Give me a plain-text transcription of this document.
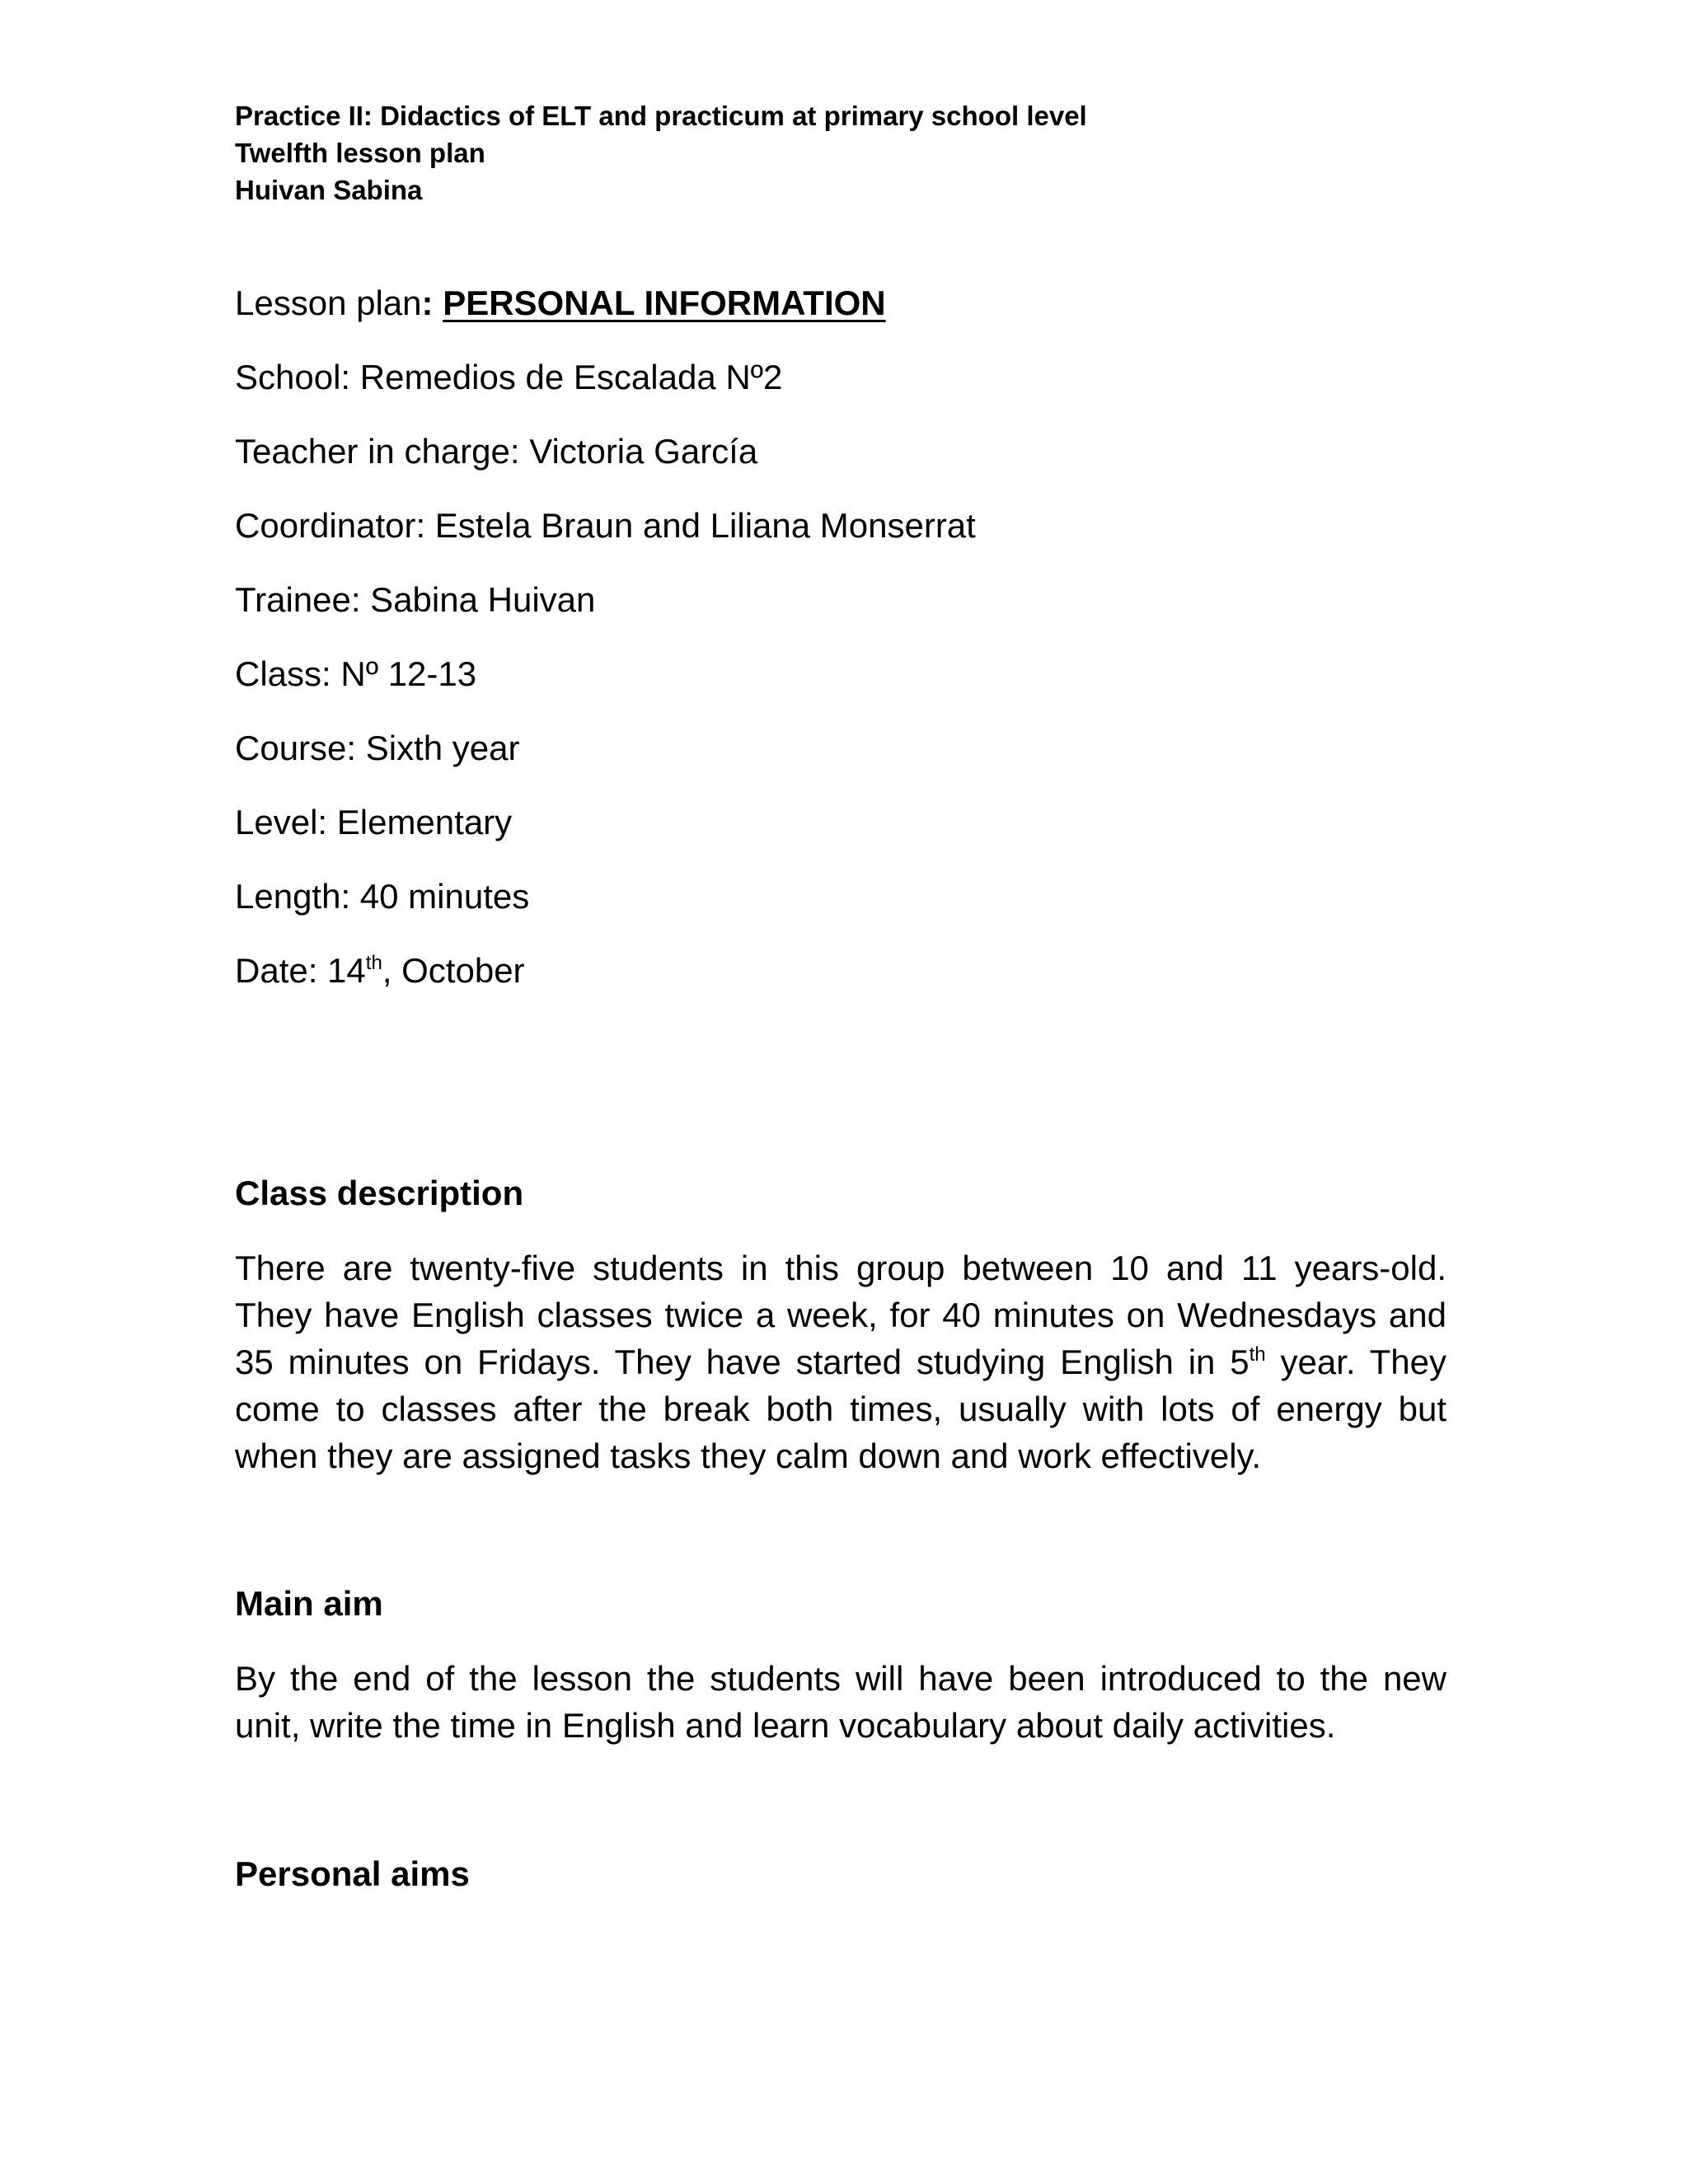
Practice II: Didactics of ELT and practicum at primary school level
Twelfth lesson plan
Huivan Sabina
Lesson plan: PERSONAL INFORMATION
School: Remedios de Escalada Nº2
Teacher in charge: Victoria García
Coordinator: Estela Braun and Liliana Monserrat
Trainee: Sabina Huivan
Class: Nº 12-13
Course: Sixth year
Level: Elementary
Length: 40 minutes
Date: 14th, October
Class description
There are twenty-five students in this group between 10 and 11 years-old.
They have English classes twice a week, for 40 minutes on Wednesdays and
35 minutes on Fridays. They have started studying English in 5th year. They
come to classes after the break both times, usually with lots of energy but
when they are assigned tasks they calm down and work effectively.
Main aim
By the end of the lesson the students will have been introduced to the new
unit, write the time in English and learn vocabulary about daily activities.
Personal aims
